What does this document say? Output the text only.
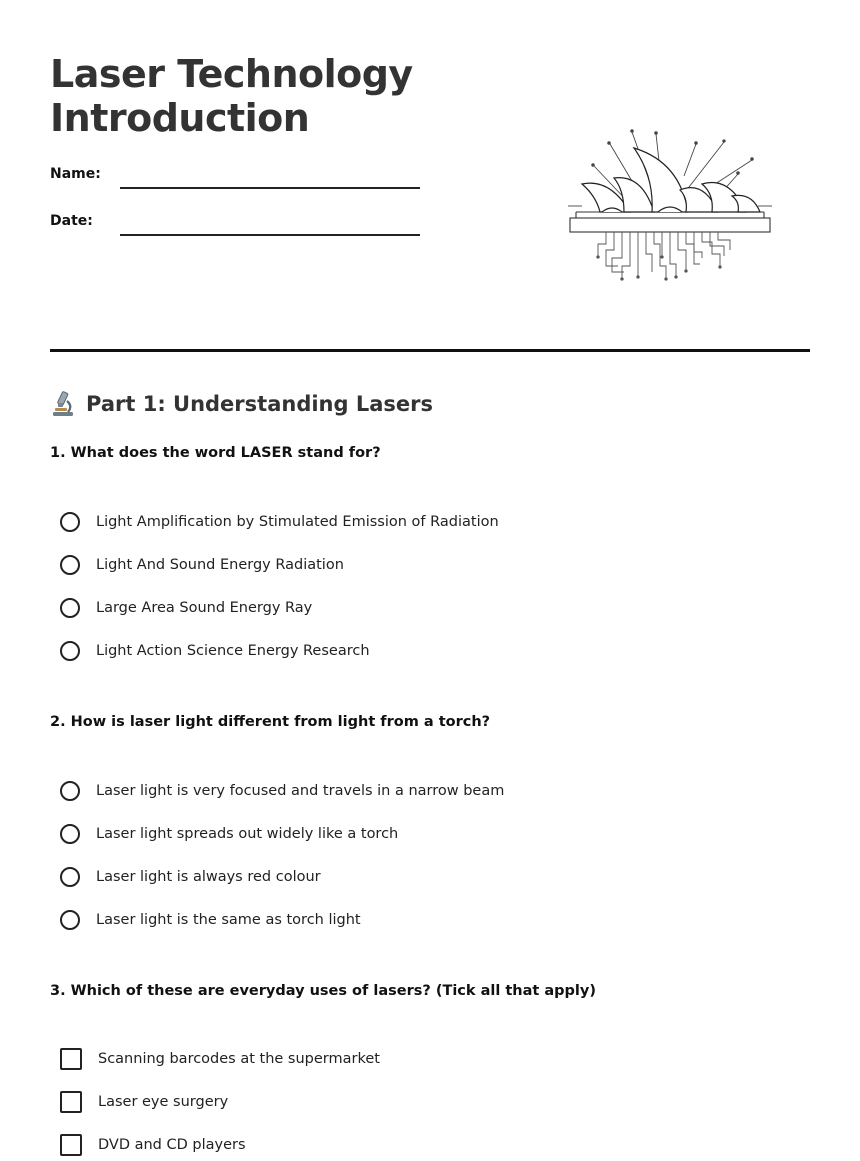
Laser Technology Introduction
Name:
Date:
Part 1: Understanding Lasers

1. What does the word LASER stand for?

Light Amplification by Stimulated Emission of Radiation
Light And Sound Energy Radiation
Large Area Sound Energy Ray
Light Action Science Energy Research

2. How is laser light different from light from a torch?

Laser light is very focused and travels in a narrow beam
Laser light spreads out widely like a torch
Laser light is always red colour
Laser light is the same as torch light

3. Which of these are everyday uses of lasers? (Tick all that apply)

Scanning barcodes at the supermarket
Laser eye surgery
DVD and CD players
